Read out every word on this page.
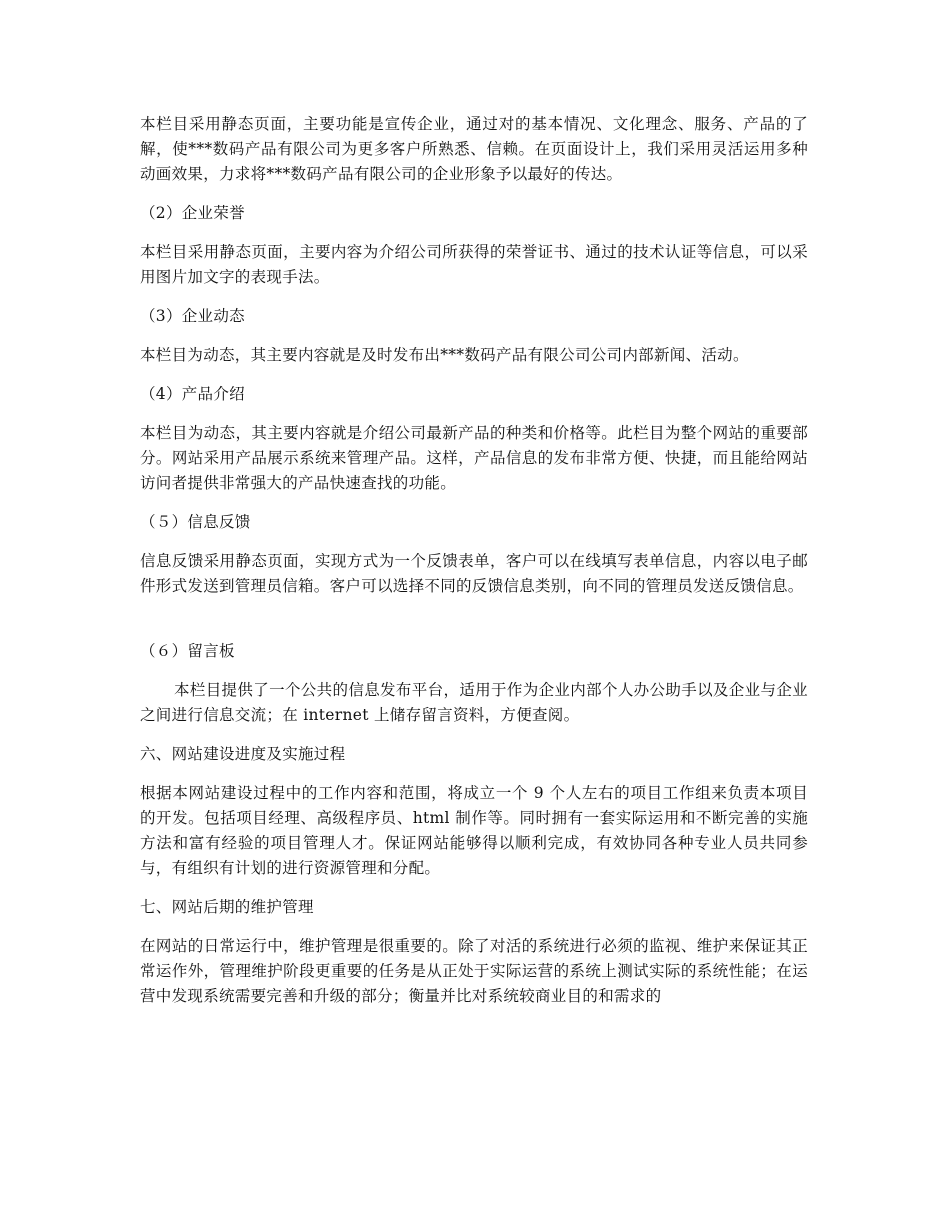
本栏目采用静态页面，主要功能是宣传企业，通过对的基本情况、文化理念、服务、产品的了解，使***数码产品有限公司为更多客户所熟悉、信赖。在页面设计上，我们采用灵活运用多种动画效果，力求将***数码产品有限公司的企业形象予以最好的传达。

（2）企业荣誉

本栏目采用静态页面，主要内容为介绍公司所获得的荣誉证书、通过的技术认证等信息，可以采用图片加文字的表现手法。

（3）企业动态

本栏目为动态，其主要内容就是及时发布出***数码产品有限公司公司内部新闻、活动。

（4）产品介绍

本栏目为动态，其主要内容就是介绍公司最新产品的种类和价格等。此栏目为整个网站的重要部分。网站采用产品展示系统来管理产品。这样，产品信息的发布非常方便、快捷，而且能给网站访问者提供非常强大的产品快速查找的功能。

（５）信息反馈

信息反馈采用静态页面，实现方式为一个反馈表单，客户可以在线填写表单信息，内容以电子邮件形式发送到管理员信箱。客户可以选择不同的反馈信息类别，向不同的管理员发送反馈信息。

（６）留言板

本栏目提供了一个公共的信息发布平台，适用于作为企业内部个人办公助手以及企业与企业之间进行信息交流；在 internet 上储存留言资料，方便查阅。

六、网站建设进度及实施过程

根据本网站建设过程中的工作内容和范围，将成立一个 9 个人左右的项目工作组来负责本项目的开发。包括项目经理、高级程序员、html 制作等。同时拥有一套实际运用和不断完善的实施方法和富有经验的项目管理人才。保证网站能够得以顺利完成，有效协同各种专业人员共同参与，有组织有计划的进行资源管理和分配。

七、网站后期的维护管理

在网站的日常运行中，维护管理是很重要的。除了对活的系统进行必须的监视、维护来保证其正常运作外，管理维护阶段更重要的任务是从正处于实际运营的系统上测试实际的系统性能；在运营中发现系统需要完善和升级的部分；衡量并比对系统较商业目的和需求的
